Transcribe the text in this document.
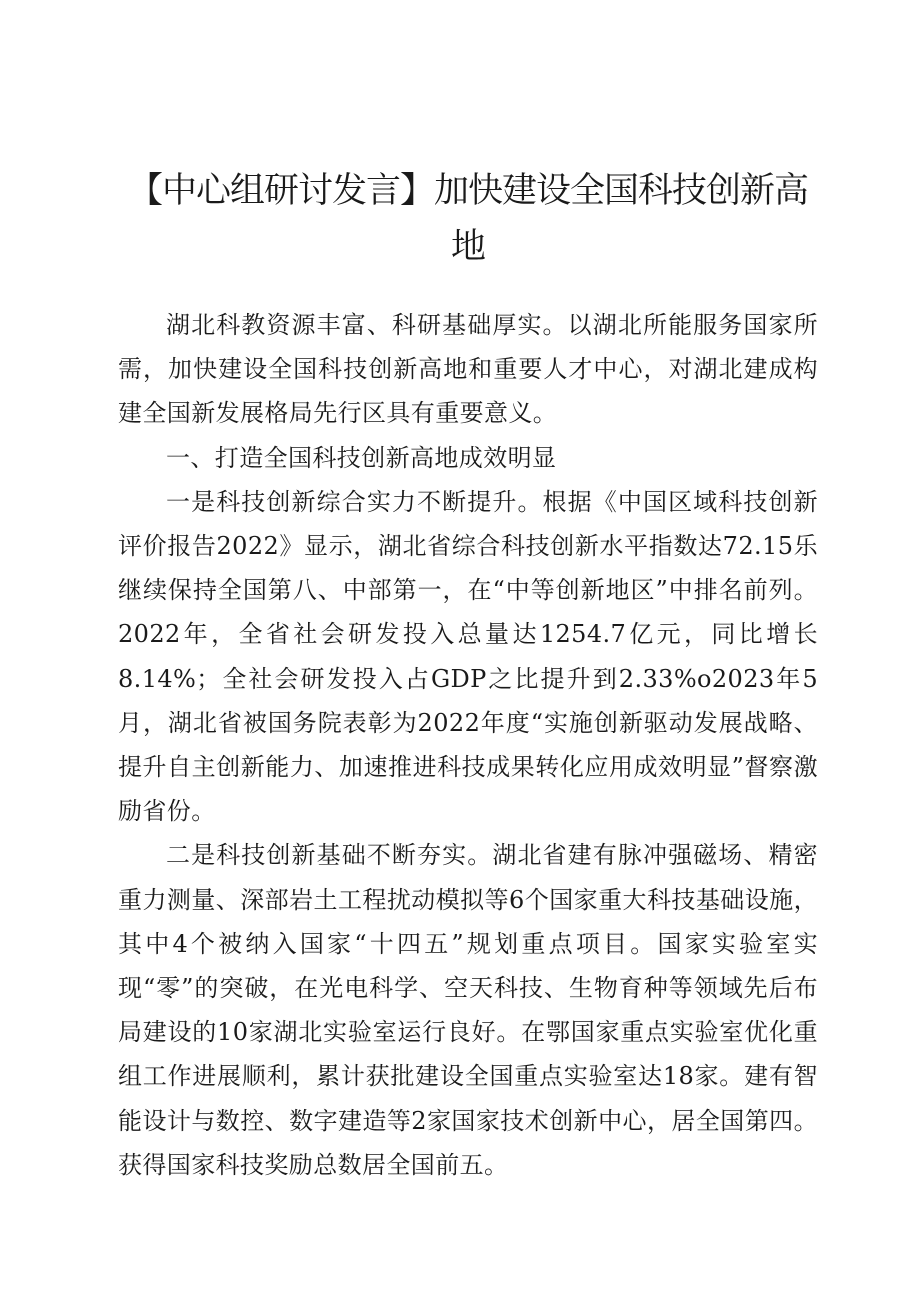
【中心组研讨发言】加快建设全国科技创新高地

湖北科教资源丰富、科研基础厚实。以湖北所能服务国家所需，加快建设全国科技创新高地和重要人才中心，对湖北建成构建全国新发展格局先行区具有重要意义。

一、打造全国科技创新高地成效明显

一是科技创新综合实力不断提升。根据《中国区域科技创新评价报告2022》显示，湖北省综合科技创新水平指数达72.15乐继续保持全国第八、中部第一，在“中等创新地区”中排名前列。2022年，全省社会研发投入总量达1254.7亿元，同比增长8.14%；全社会研发投入占GDP之比提升到2.33%o2023年5月，湖北省被国务院表彰为2022年度“实施创新驱动发展战略、提升自主创新能力、加速推进科技成果转化应用成效明显”督察激励省份。

二是科技创新基础不断夯实。湖北省建有脉冲强磁场、精密重力测量、深部岩土工程扰动模拟等6个国家重大科技基础设施，其中4个被纳入国家“十四五”规划重点项目。国家实验室实现“零”的突破，在光电科学、空天科技、生物育种等领域先后布局建设的10家湖北实验室运行良好。在鄂国家重点实验室优化重组工作进展顺利，累计获批建设全国重点实验室达18家。建有智能设计与数控、数字建造等2家国家技术创新中心，居全国第四。获得国家科技奖励总数居全国前五。
